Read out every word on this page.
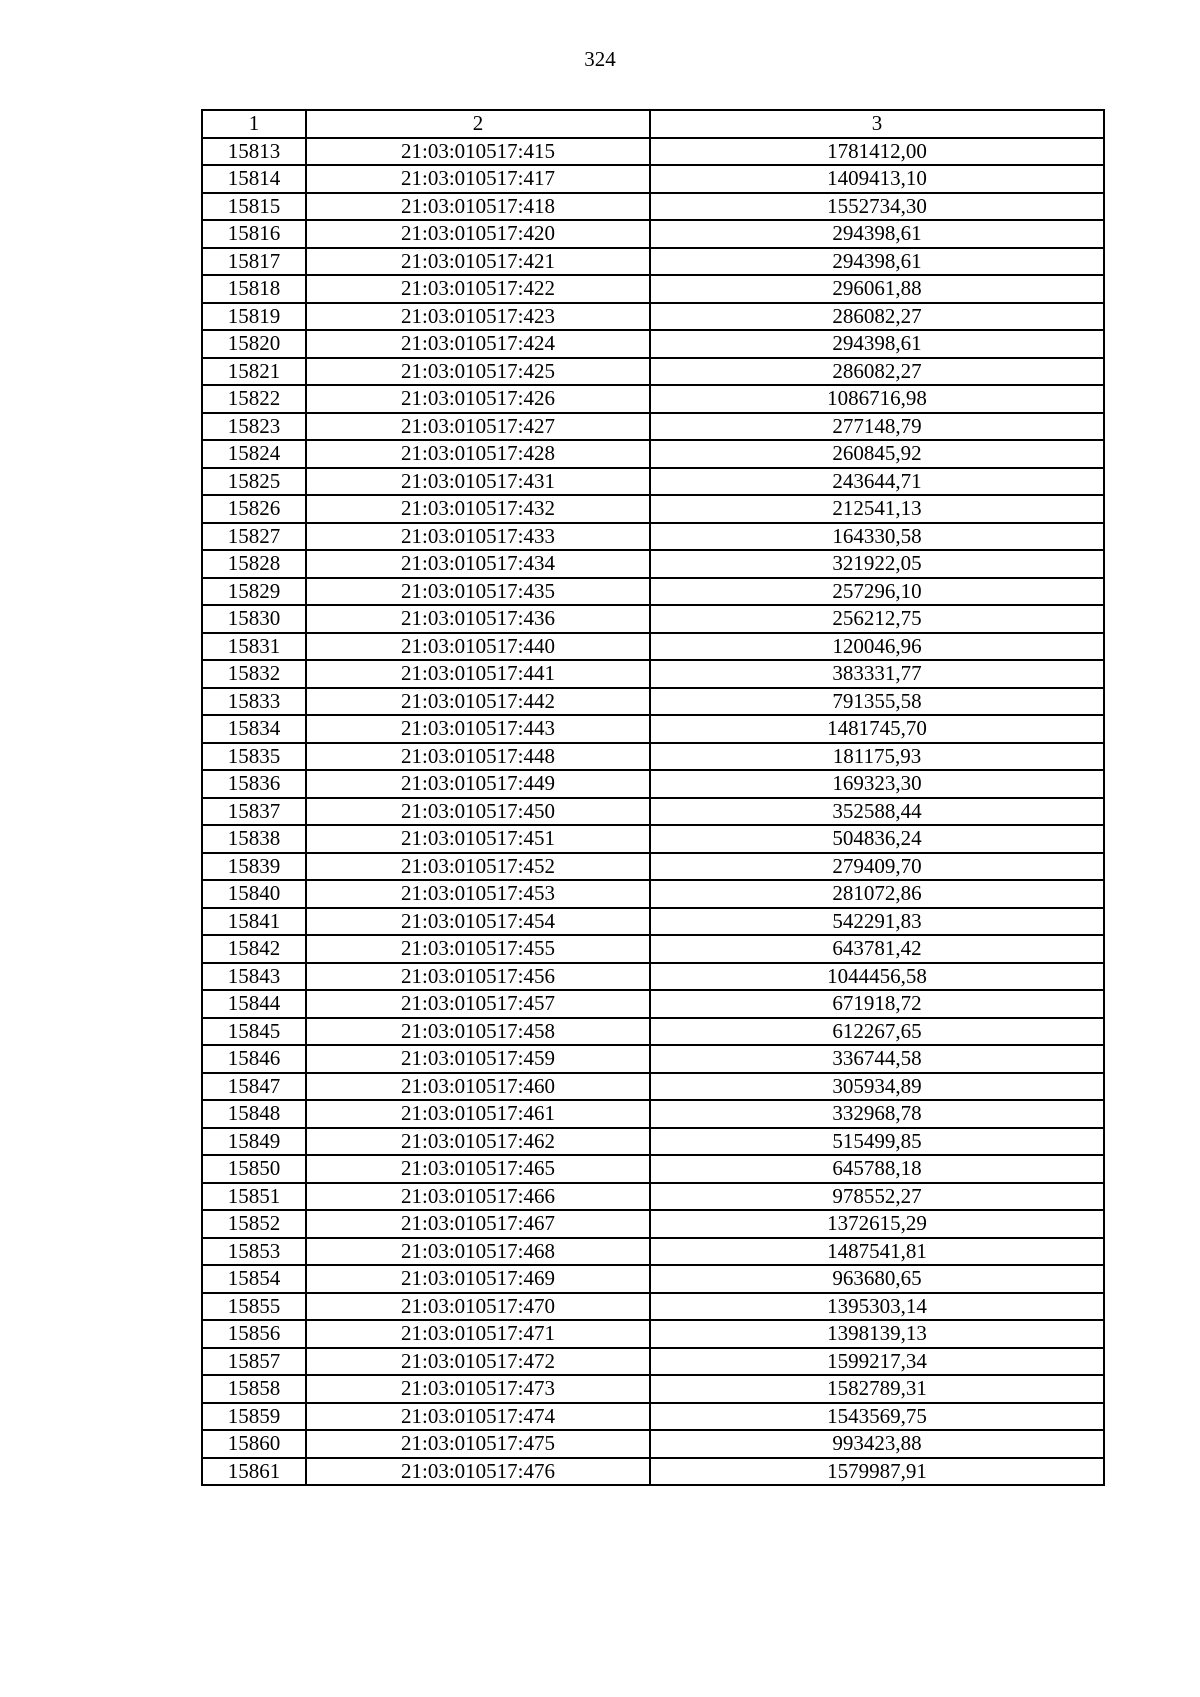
324
1	2	3
15813	21:03:010517:415	1781412,00
15814	21:03:010517:417	1409413,10
15815	21:03:010517:418	1552734,30
15816	21:03:010517:420	294398,61
15817	21:03:010517:421	294398,61
15818	21:03:010517:422	296061,88
15819	21:03:010517:423	286082,27
15820	21:03:010517:424	294398,61
15821	21:03:010517:425	286082,27
15822	21:03:010517:426	1086716,98
15823	21:03:010517:427	277148,79
15824	21:03:010517:428	260845,92
15825	21:03:010517:431	243644,71
15826	21:03:010517:432	212541,13
15827	21:03:010517:433	164330,58
15828	21:03:010517:434	321922,05
15829	21:03:010517:435	257296,10
15830	21:03:010517:436	256212,75
15831	21:03:010517:440	120046,96
15832	21:03:010517:441	383331,77
15833	21:03:010517:442	791355,58
15834	21:03:010517:443	1481745,70
15835	21:03:010517:448	181175,93
15836	21:03:010517:449	169323,30
15837	21:03:010517:450	352588,44
15838	21:03:010517:451	504836,24
15839	21:03:010517:452	279409,70
15840	21:03:010517:453	281072,86
15841	21:03:010517:454	542291,83
15842	21:03:010517:455	643781,42
15843	21:03:010517:456	1044456,58
15844	21:03:010517:457	671918,72
15845	21:03:010517:458	612267,65
15846	21:03:010517:459	336744,58
15847	21:03:010517:460	305934,89
15848	21:03:010517:461	332968,78
15849	21:03:010517:462	515499,85
15850	21:03:010517:465	645788,18
15851	21:03:010517:466	978552,27
15852	21:03:010517:467	1372615,29
15853	21:03:010517:468	1487541,81
15854	21:03:010517:469	963680,65
15855	21:03:010517:470	1395303,14
15856	21:03:010517:471	1398139,13
15857	21:03:010517:472	1599217,34
15858	21:03:010517:473	1582789,31
15859	21:03:010517:474	1543569,75
15860	21:03:010517:475	993423,88
15861	21:03:010517:476	1579987,91
